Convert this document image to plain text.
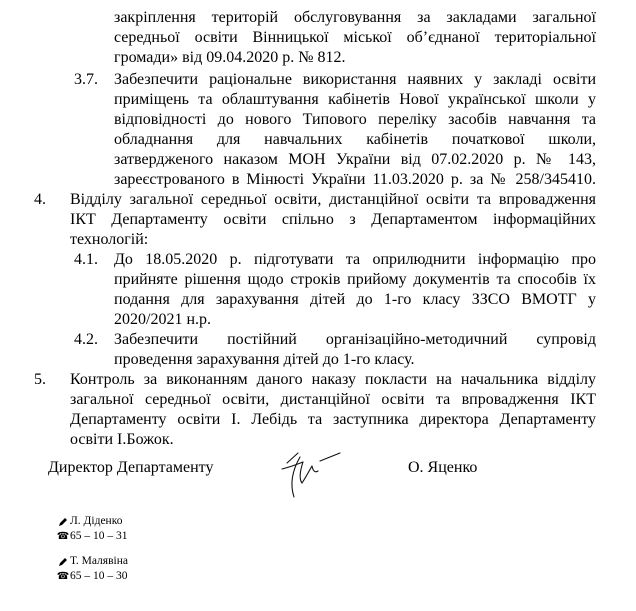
закріплення територій обслуговування за закладами загальної
середньої освіти Вінницької міської об’єднаної територіальної
громади» від 09.04.2020 р. № 812.
3.7. Забезпечити раціональне використання наявних у закладі освіти
приміщень та облаштування кабінетів Нової української школи у
відповідності до нового Типового переліку засобів навчання та
обладнання для навчальних кабінетів початкової школи,
затвердженого наказом МОН України від 07.02.2020 р. № 143,
зареєстрованого в Мінюсті України 11.03.2020 р. за № 258/345410.
4. Відділу загальної середньої освіти, дистанційної освіти та впровадження
ІКТ Департаменту освіти спільно з Департаментом інформаційних
технологій:
4.1. До 18.05.2020 р. підготувати та оприлюднити інформацію про
прийняте рішення щодо строків прийому документів та способів їх
подання для зарахування дітей до 1-го класу ЗЗСО ВМОТГ у
2020/2021 н.р.
4.2. Забезпечити постійний організаційно-методичний супровід
проведення зарахування дітей до 1-го класу.
5. Контроль за виконанням даного наказу покласти на начальника відділу
загальної середньої освіти, дистанційної освіти та впровадження ІКТ
Департаменту освіти І. Лебідь та заступника директора Департаменту
освіти І.Божок.
Директор Департаменту	О. Яценко
Л. Діденко
☎ 65 – 10 – 31
Т. Малявіна
☎ 65 – 10 – 30
